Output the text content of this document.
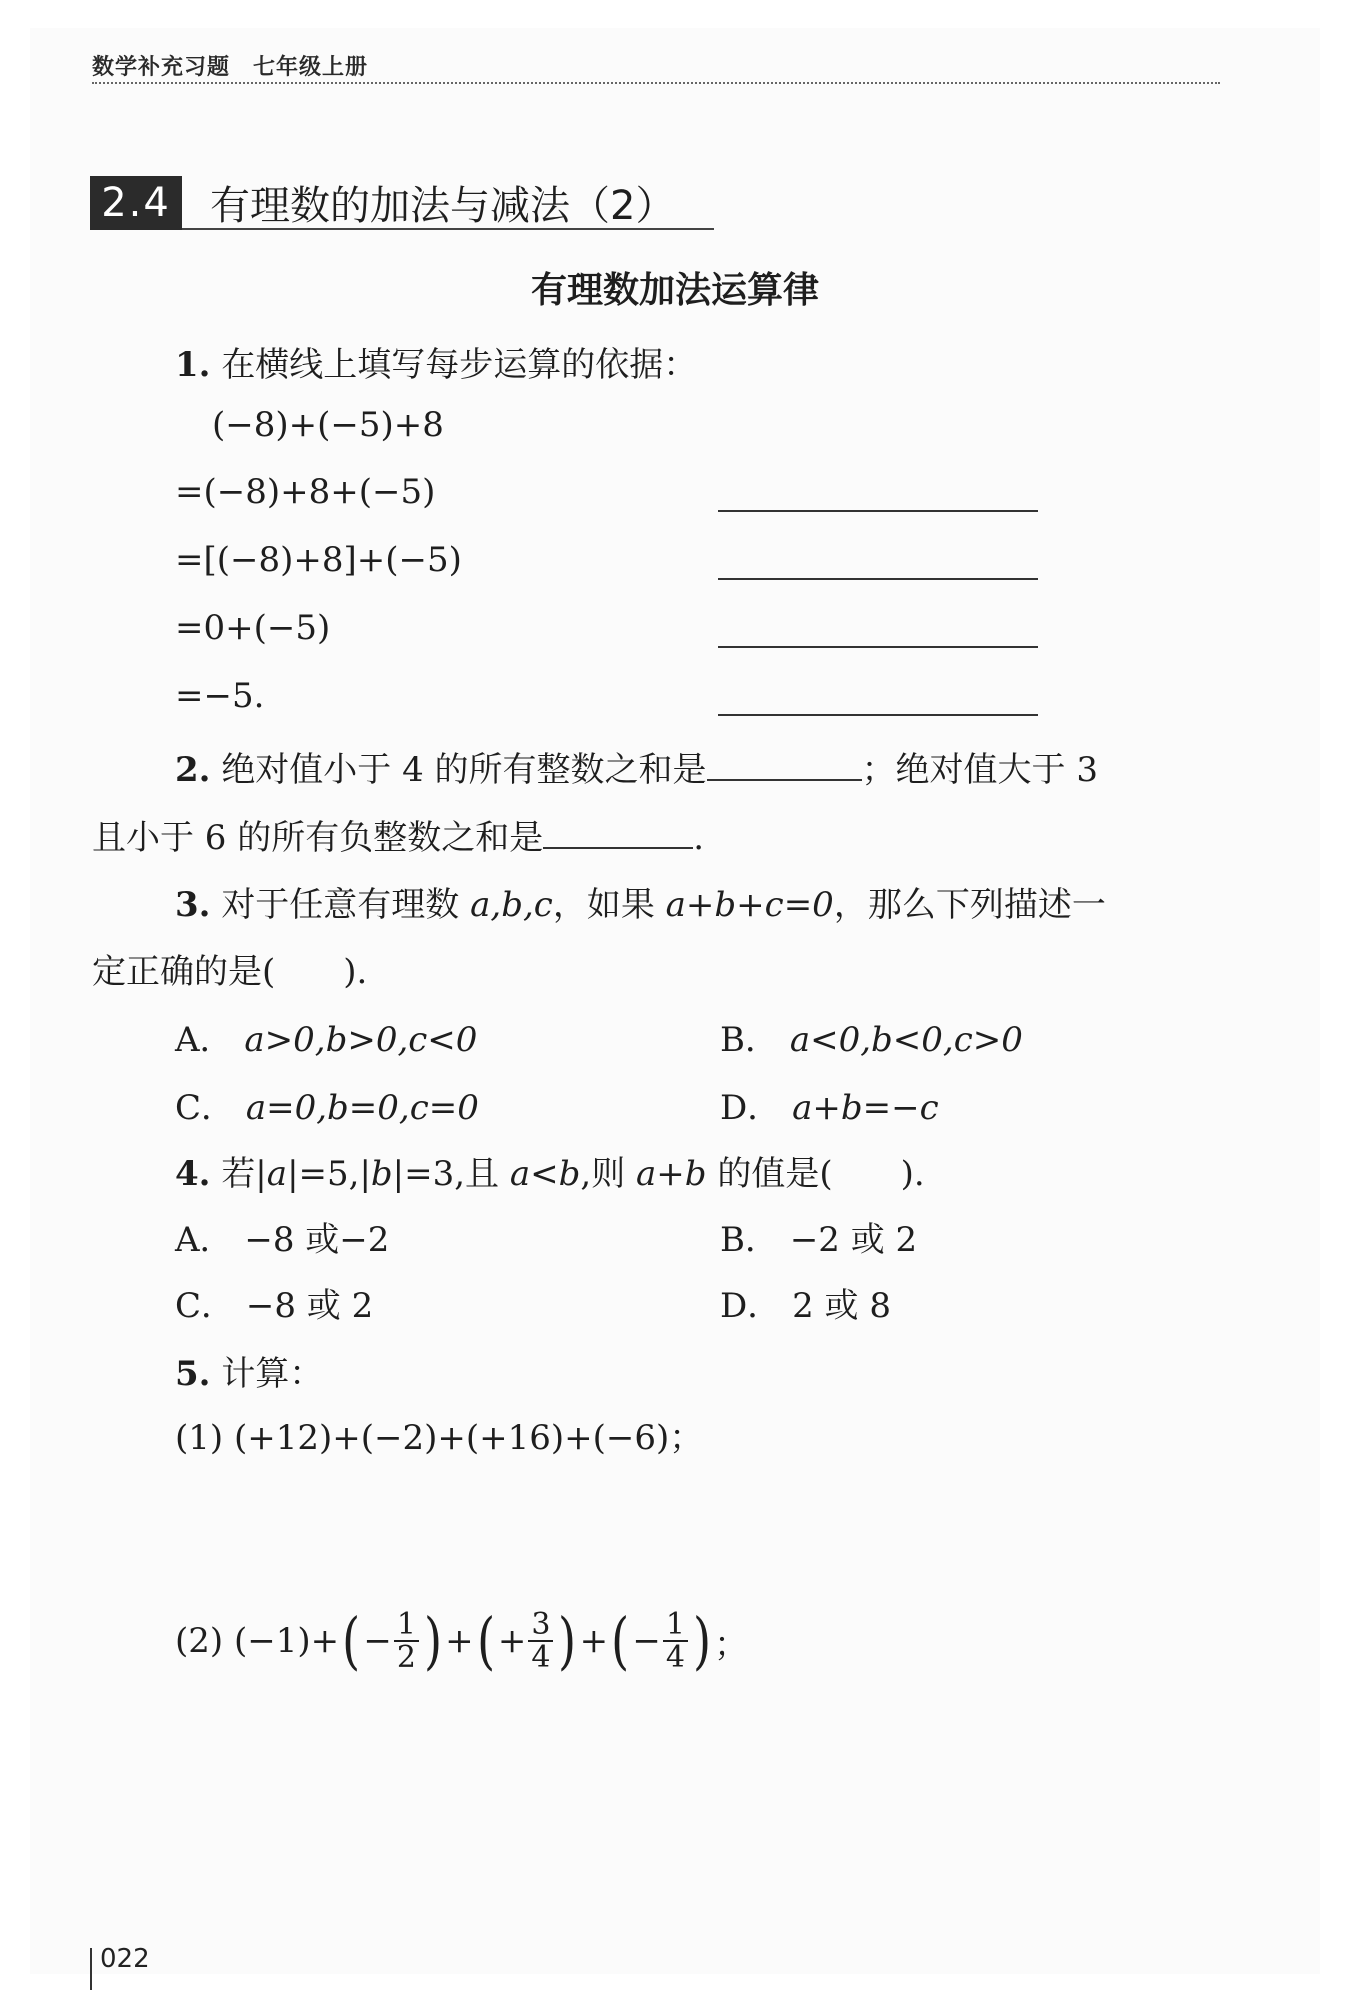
数学补充习题　七年级上册
2.4 有理数的加法与减法（2）
有理数加法运算律
1. 在横线上填写每步运算的依据：
(−8)+(−5)+8
=(−8)+8+(−5)
=[(−8)+8]+(−5)
=0+(−5)
=−5.
2. 绝对值小于 4 的所有整数之和是	；绝对值大于 3
且小于 6 的所有负整数之和是	.
3. 对于任意有理数 a,b,c，如果 a+b+c=0，那么下列描述一
定正确的是(　　).
A． a>0,b>0,c<0	B． a<0,b<0,c>0
C． a=0,b=0,c=0	D． a+b=−c
4. 若|a|=5,|b|=3,且 a<b,则 a+b 的值是(　　).
A． −8 或−2	B． −2 或 2
C． −8 或 2	D． 2 或 8
5. 计算：
(1) (+12)+(−2)+(+16)+(−6)；
(2) (−1)+ ( − $\frac{1}{2}$ ) + ( + $\frac{3}{4}$ ) + ( − $\frac{1}{4}$ ) ；
022
